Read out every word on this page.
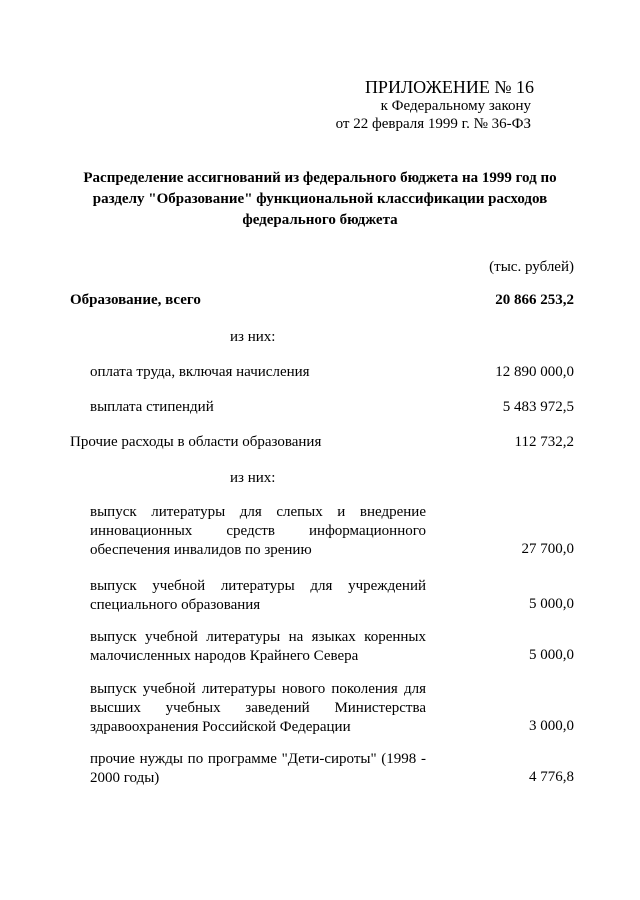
ПРИЛОЖЕНИЕ № 16
к Федеральному закону
от 22 февраля 1999 г. № 36-ФЗ
Распределение ассигнований из федерального бюджета на 1999 год по разделу "Образование" функциональной классификации расходов федерального бюджета
(тыс. рублей)
Образование, всего	20 866 253,2
из них:
оплата труда, включая начисления	12 890 000,0
выплата стипендий	5 483 972,5
Прочие расходы в области образования	112 732,2
из них:
выпуск литературы для слепых и внедрение инновационных средств информационного обеспечения инвалидов по зрению	27 700,0
выпуск учебной литературы для учреждений специального образования	5 000,0
выпуск учебной литературы на языках коренных малочисленных народов Крайнего Севера	5 000,0
выпуск учебной литературы нового поколения для высших учебных заведений Министерства здравоохранения Российской Федерации	3 000,0
прочие нужды по программе "Дети-сироты" (1998 - 2000 годы)	4 776,8
